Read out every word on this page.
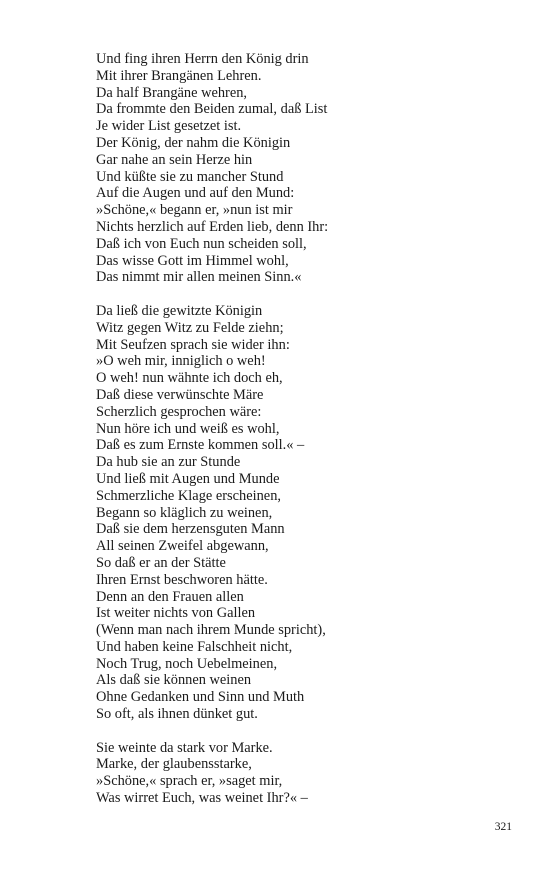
Und fing ihren Herrn den König drin
Mit ihrer Brangänen Lehren.
Da half Brangäne wehren,
Da frommte den Beiden zumal, daß List
Je wider List gesetzet ist.
Der König, der nahm die Königin
Gar nahe an sein Herze hin
Und küßte sie zu mancher Stund
Auf die Augen und auf den Mund:
»Schöne,« begann er, »nun ist mir
Nichts herzlich auf Erden lieb, denn Ihr:
Daß ich von Euch nun scheiden soll,
Das wisse Gott im Himmel wohl,
Das nimmt mir allen meinen Sinn.«
Da ließ die gewitzte Königin
Witz gegen Witz zu Felde ziehn;
Mit Seufzen sprach sie wider ihn:
»O weh mir, inniglich o weh!
O weh! nun wähnte ich doch eh,
Daß diese verwünschte Märe
Scherzlich gesprochen wäre:
Nun höre ich und weiß es wohl,
Daß es zum Ernste kommen soll.« –
Da hub sie an zur Stunde
Und ließ mit Augen und Munde
Schmerzliche Klage erscheinen,
Begann so kläglich zu weinen,
Daß sie dem herzensguten Mann
All seinen Zweifel abgewann,
So daß er an der Stätte
Ihren Ernst beschworen hätte.
Denn an den Frauen allen
Ist weiter nichts von Gallen
(Wenn man nach ihrem Munde spricht),
Und haben keine Falschheit nicht,
Noch Trug, noch Uebelmeinen,
Als daß sie können weinen
Ohne Gedanken und Sinn und Muth
So oft, als ihnen dünket gut.
Sie weinte da stark vor Marke.
Marke, der glaubensstarke,
»Schöne,« sprach er, »saget mir,
Was wirret Euch, was weinet Ihr?« –
321
